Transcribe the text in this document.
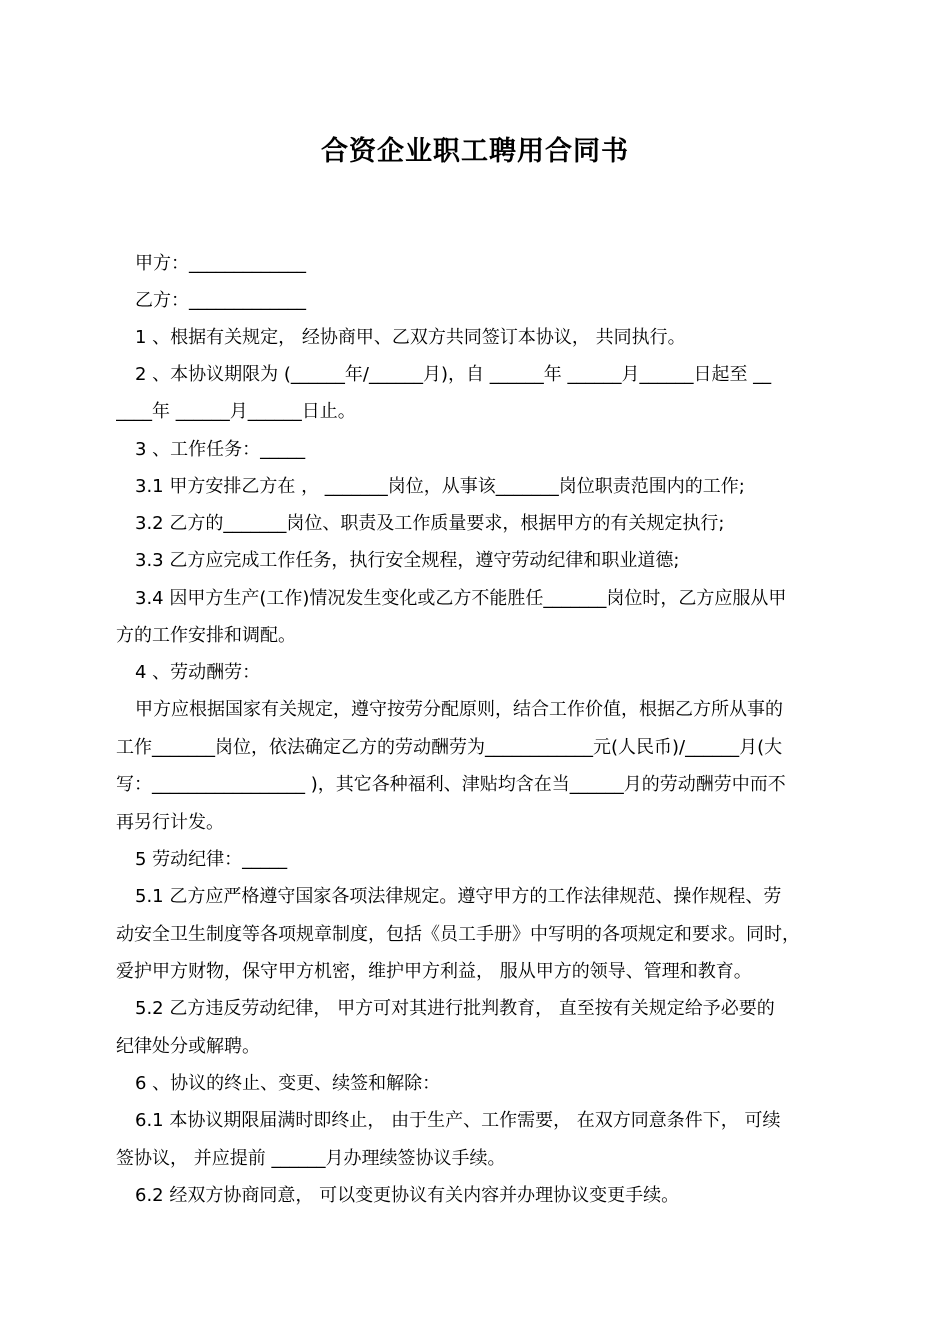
合资企业职工聘用合同书
甲方：_____________
乙方：_____________
1 、根据有关规定， 经协商甲、乙双方共同签订本协议， 共同执行。
2 、本协议期限为 (______年/______月)，自 ______年 ______月______日起至 __
____年 ______月______日止。
3 、工作任务：_____
3.1 甲方安排乙方在 ， _______岗位，从事该_______岗位职责范围内的工作;
3.2 乙方的_______岗位、职责及工作质量要求，根据甲方的有关规定执行;
3.3 乙方应完成工作任务，执行安全规程，遵守劳动纪律和职业道德;
3.4 因甲方生产(工作)情况发生变化或乙方不能胜任_______岗位时，乙方应服从甲
方的工作安排和调配。
4 、劳动酬劳：
甲方应根据国家有关规定，遵守按劳分配原则，结合工作价值，根据乙方所从事的
工作_______岗位，依法确定乙方的劳动酬劳为____________元(人民币)/______月(大
写：_________________ )，其它各种福利、津贴均含在当______月的劳动酬劳中而不
再另行计发。
5 劳动纪律：_____
5.1 乙方应严格遵守国家各项法律规定。遵守甲方的工作法律规范、操作规程、劳
动安全卫生制度等各项规章制度，包括《员工手册》中写明的各项规定和要求。同时，
爱护甲方财物，保守甲方机密，维护甲方利益， 服从甲方的领导、管理和教育。
5.2 乙方违反劳动纪律， 甲方可对其进行批判教育， 直至按有关规定给予必要的
纪律处分或解聘。
6 、协议的终止、变更、续签和解除：
6.1 本协议期限届满时即终止， 由于生产、工作需要， 在双方同意条件下， 可续
签协议， 并应提前 ______月办理续签协议手续。
6.2 经双方协商同意， 可以变更协议有关内容并办理协议变更手续。
